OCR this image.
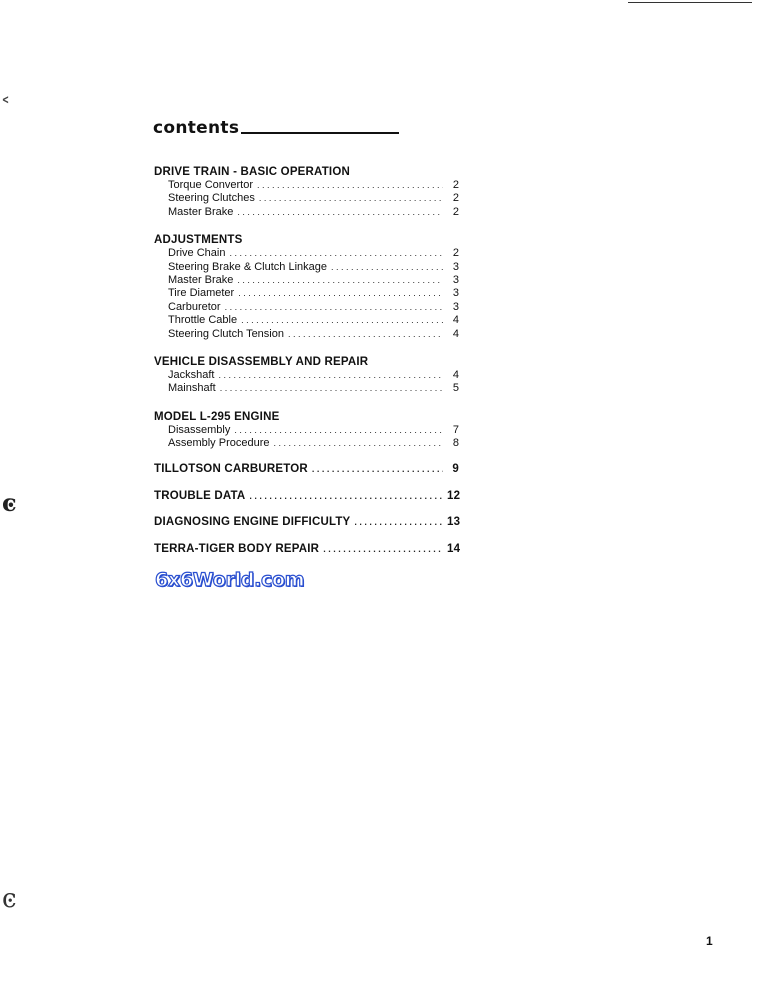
˂
ͼ
ͼ
contents
DRIVE TRAIN - BASIC OPERATION
Torque Convertor . . .	2
Steering Clutches . . .	2
Master Brake . . .	2
ADJUSTMENTS
Drive Chain . . .	2
Steering Brake & Clutch Linkage . . .	3
Master Brake . . .	3
Tire Diameter . . .	3
Carburetor . . .	3
Throttle Cable . . .	4
Steering Clutch Tension . . .	4
VEHICLE DISASSEMBLY AND REPAIR
Jackshaft . . .	4
Mainshaft . . .	5
MODEL L-295 ENGINE
Disassembly . . .	7
Assembly Procedure . . .	8
TILLOTSON CARBURETOR . . .	9
TROUBLE DATA . . .	12
DIAGNOSING ENGINE DIFFICULTY . . .	13
TERRA-TIGER BODY REPAIR . . .	14
6x6World.com
1
